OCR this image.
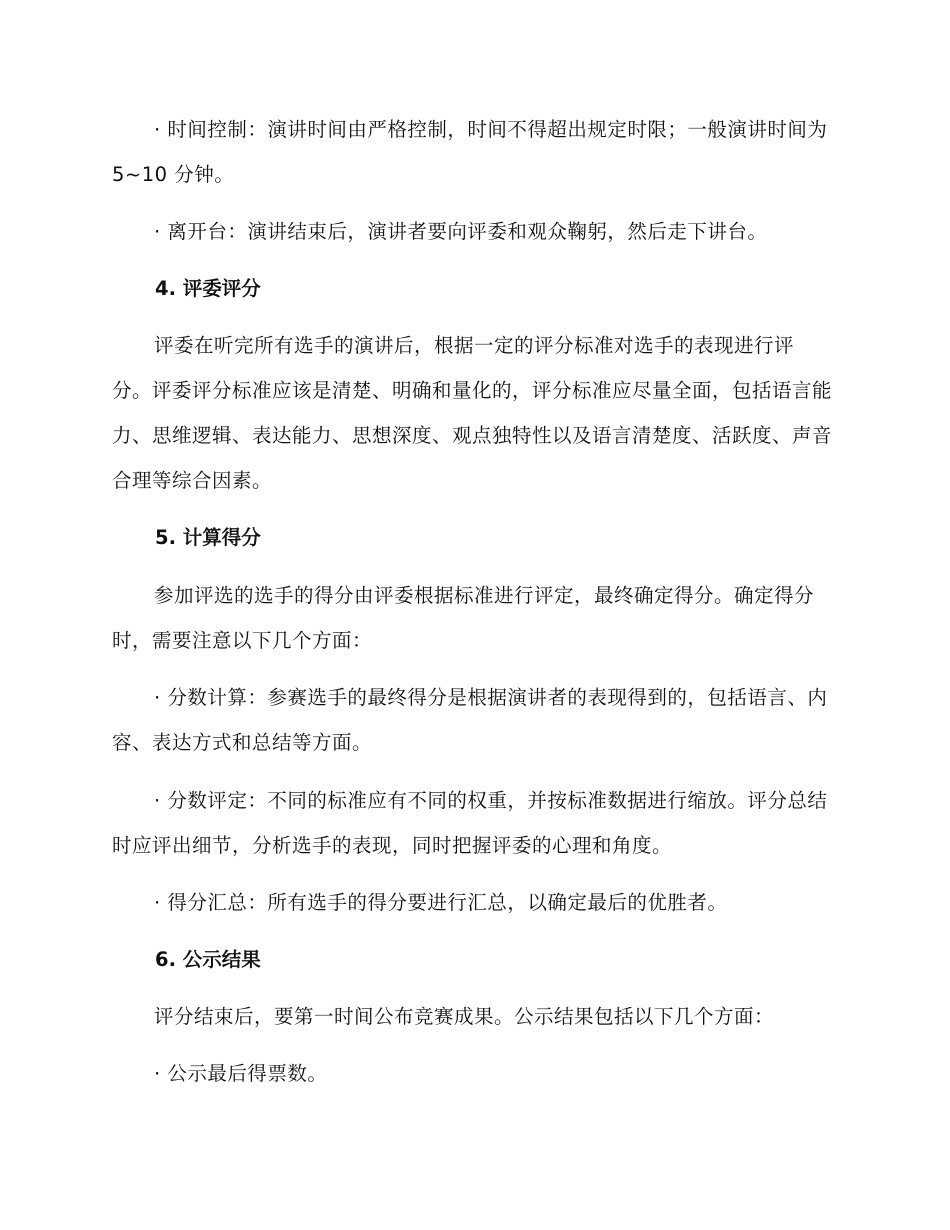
· 时间控制：演讲时间由严格控制，时间不得超出规定时限；一般演讲时间为 5~10 分钟。

· 离开台：演讲结束后，演讲者要向评委和观众鞠躬，然后走下讲台。

4. 评委评分

评委在听完所有选手的演讲后，根据一定的评分标准对选手的表现进行评分。评委评分标准应该是清楚、明确和量化的，评分标准应尽量全面，包括语言能力、思维逻辑、表达能力、思想深度、观点独特性以及语言清楚度、活跃度、声音合理等综合因素。

5. 计算得分

参加评选的选手的得分由评委根据标准进行评定，最终确定得分。确定得分时，需要注意以下几个方面：

· 分数计算：参赛选手的最终得分是根据演讲者的表现得到的，包括语言、内容、表达方式和总结等方面。

· 分数评定：不同的标准应有不同的权重，并按标准数据进行缩放。评分总结时应评出细节，分析选手的表现，同时把握评委的心理和角度。

· 得分汇总：所有选手的得分要进行汇总，以确定最后的优胜者。

6. 公示结果

评分结束后，要第一时间公布竞赛成果。公示结果包括以下几个方面：

· 公示最后得票数。
